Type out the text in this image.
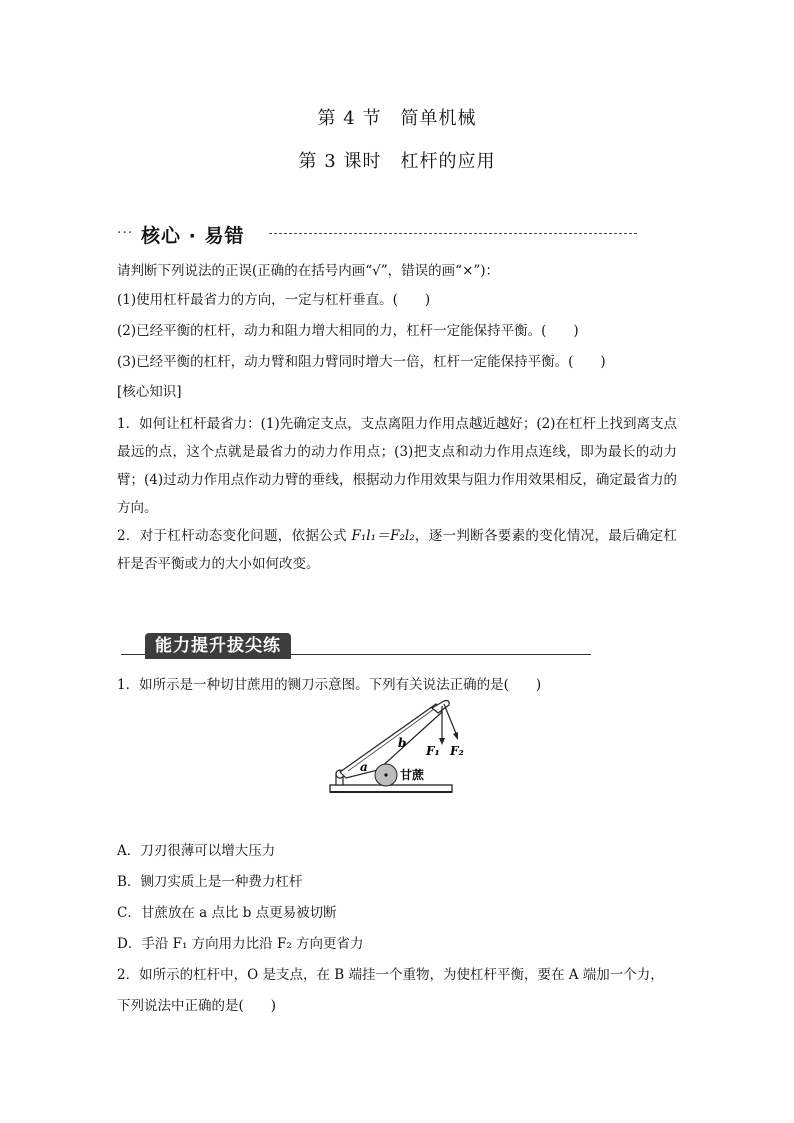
第 4 节　简单机械
第 3 课时　杠杆的应用
··· 核心 · 易错
请判断下列说法的正误(正确的在括号内画“√”，错误的画“×”)：
(1)使用杠杆最省力的方向，一定与杠杆垂直。(　　)
(2)已经平衡的杠杆，动力和阻力增大相同的力，杠杆一定能保持平衡。(　　)
(3)已经平衡的杠杆，动力臂和阻力臂同时增大一倍，杠杆一定能保持平衡。(　　)
[核心知识]
1．如何让杠杆最省力：(1)先确定支点，支点离阻力作用点越近越好；(2)在杠杆上找到离支点最远的点，这个点就是最省力的动力作用点；(3)把支点和动力作用点连线，即为最长的动力臂；(4)过动力作用点作动力臂的垂线，根据动力作用效果与阻力作用效果相反，确定最省力的方向。
2．对于杠杆动态变化问题，依据公式 F₁l₁＝F₂l₂，逐一判断各要素的变化情况，最后确定杠杆是否平衡或力的大小如何改变。
能力提升拔尖练
1．如所示是一种切甘蔗用的铡刀示意图。下列有关说法正确的是(　　)
a
b
F₁ F₂
甘蔗
A．刀刃很薄可以增大压力
B．铡刀实质上是一种费力杠杆
C．甘蔗放在 a 点比 b 点更易被切断
D．手沿 F₁ 方向用力比沿 F₂ 方向更省力
2．如所示的杠杆中，O 是支点，在 B 端挂一个重物，为使杠杆平衡，要在 A 端加一个力，
下列说法中正确的是(　　)
